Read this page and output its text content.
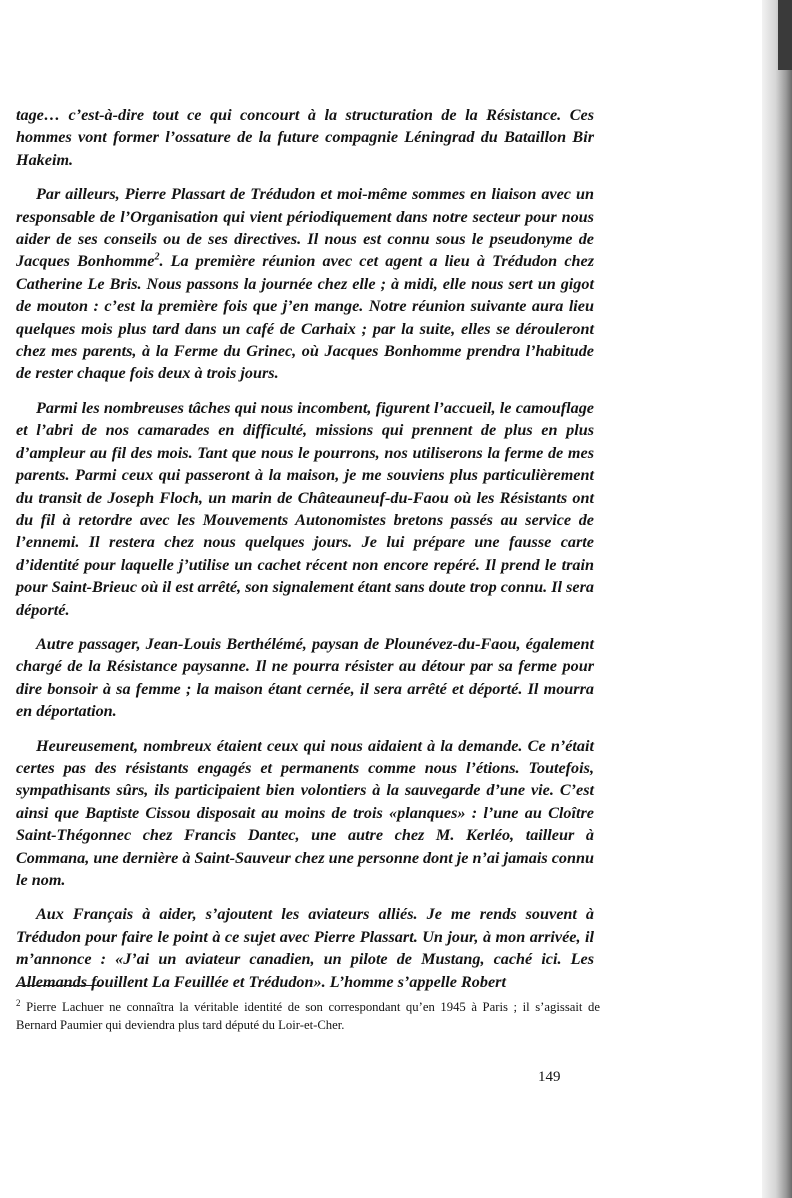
tage… c’est-à-dire tout ce qui concourt à la structuration de la Résistance. Ces hommes vont former l’ossature de la future compagnie Léningrad du Bataillon Bir Hakeim.

Par ailleurs, Pierre Plassart de Trédudon et moi-même sommes en liaison avec un responsable de l’Organisation qui vient périodiquement dans notre secteur pour nous aider de ses conseils ou de ses directives. Il nous est connu sous le pseudonyme de Jacques Bonhomme$^2$. La première réunion avec cet agent a lieu à Trédudon chez Catherine Le Bris. Nous passons la journée chez elle ; à midi, elle nous sert un gigot de mouton : c’est la première fois que j’en mange. Notre réunion suivante aura lieu quelques mois plus tard dans un café de Carhaix ; par la suite, elles se dérouleront chez mes parents, à la Ferme du Grinec, où Jacques Bonhomme prendra l’habitude de rester chaque fois deux à trois jours.

Parmi les nombreuses tâches qui nous incombent, figurent l’accueil, le camouflage et l’abri de nos camarades en difficulté, missions qui prennent de plus en plus d’ampleur au fil des mois. Tant que nous le pourrons, nos utiliserons la ferme de mes parents. Parmi ceux qui passeront à la maison, je me souviens plus particulièrement du transit de Joseph Floch, un marin de Châteauneuf-du-Faou où les Résistants ont du fil à retordre avec les Mouvements Autonomistes bretons passés au service de l’ennemi. Il restera chez nous quelques jours. Je lui prépare une fausse carte d’identité pour laquelle j’utilise un cachet récent non encore repéré. Il prend le train pour Saint-Brieuc où il est arrêté, son signalement étant sans doute trop connu. Il sera déporté.

Autre passager, Jean-Louis Berthélémé, paysan de Plounévez-du-Faou, également chargé de la Résistance paysanne. Il ne pourra résister au détour par sa ferme pour dire bonsoir à sa femme ; la maison étant cernée, il sera arrêté et déporté. Il mourra en déportation.

Heureusement, nombreux étaient ceux qui nous aidaient à la demande. Ce n’était certes pas des résistants engagés et permanents comme nous l’étions. Toutefois, sympathisants sûrs, ils participaient bien volontiers à la sauvegarde d’une vie. C’est ainsi que Baptiste Cissou disposait au moins de trois «planques» : l’une au Cloître Saint-Thégonnec chez Francis Dantec, une autre chez M. Kerléo, tailleur à Commana, une dernière à Saint-Sauveur chez une personne dont je n’ai jamais connu le nom.

Aux Français à aider, s’ajoutent les aviateurs alliés. Je me rends souvent à Trédudon pour faire le point à ce sujet avec Pierre Plassart. Un jour, à mon arrivée, il m’annonce : «J’ai un aviateur canadien, un pilote de Mustang, caché ici. Les Allemands fouillent La Feuillée et Trédudon». L’homme s’appelle Robert

$^2$ Pierre Lachuer ne connaîtra la véritable identité de son correspondant qu’en 1945 à Paris ; il s’agissait de Bernard Paumier qui deviendra plus tard député du Loir-et-Cher.
149
